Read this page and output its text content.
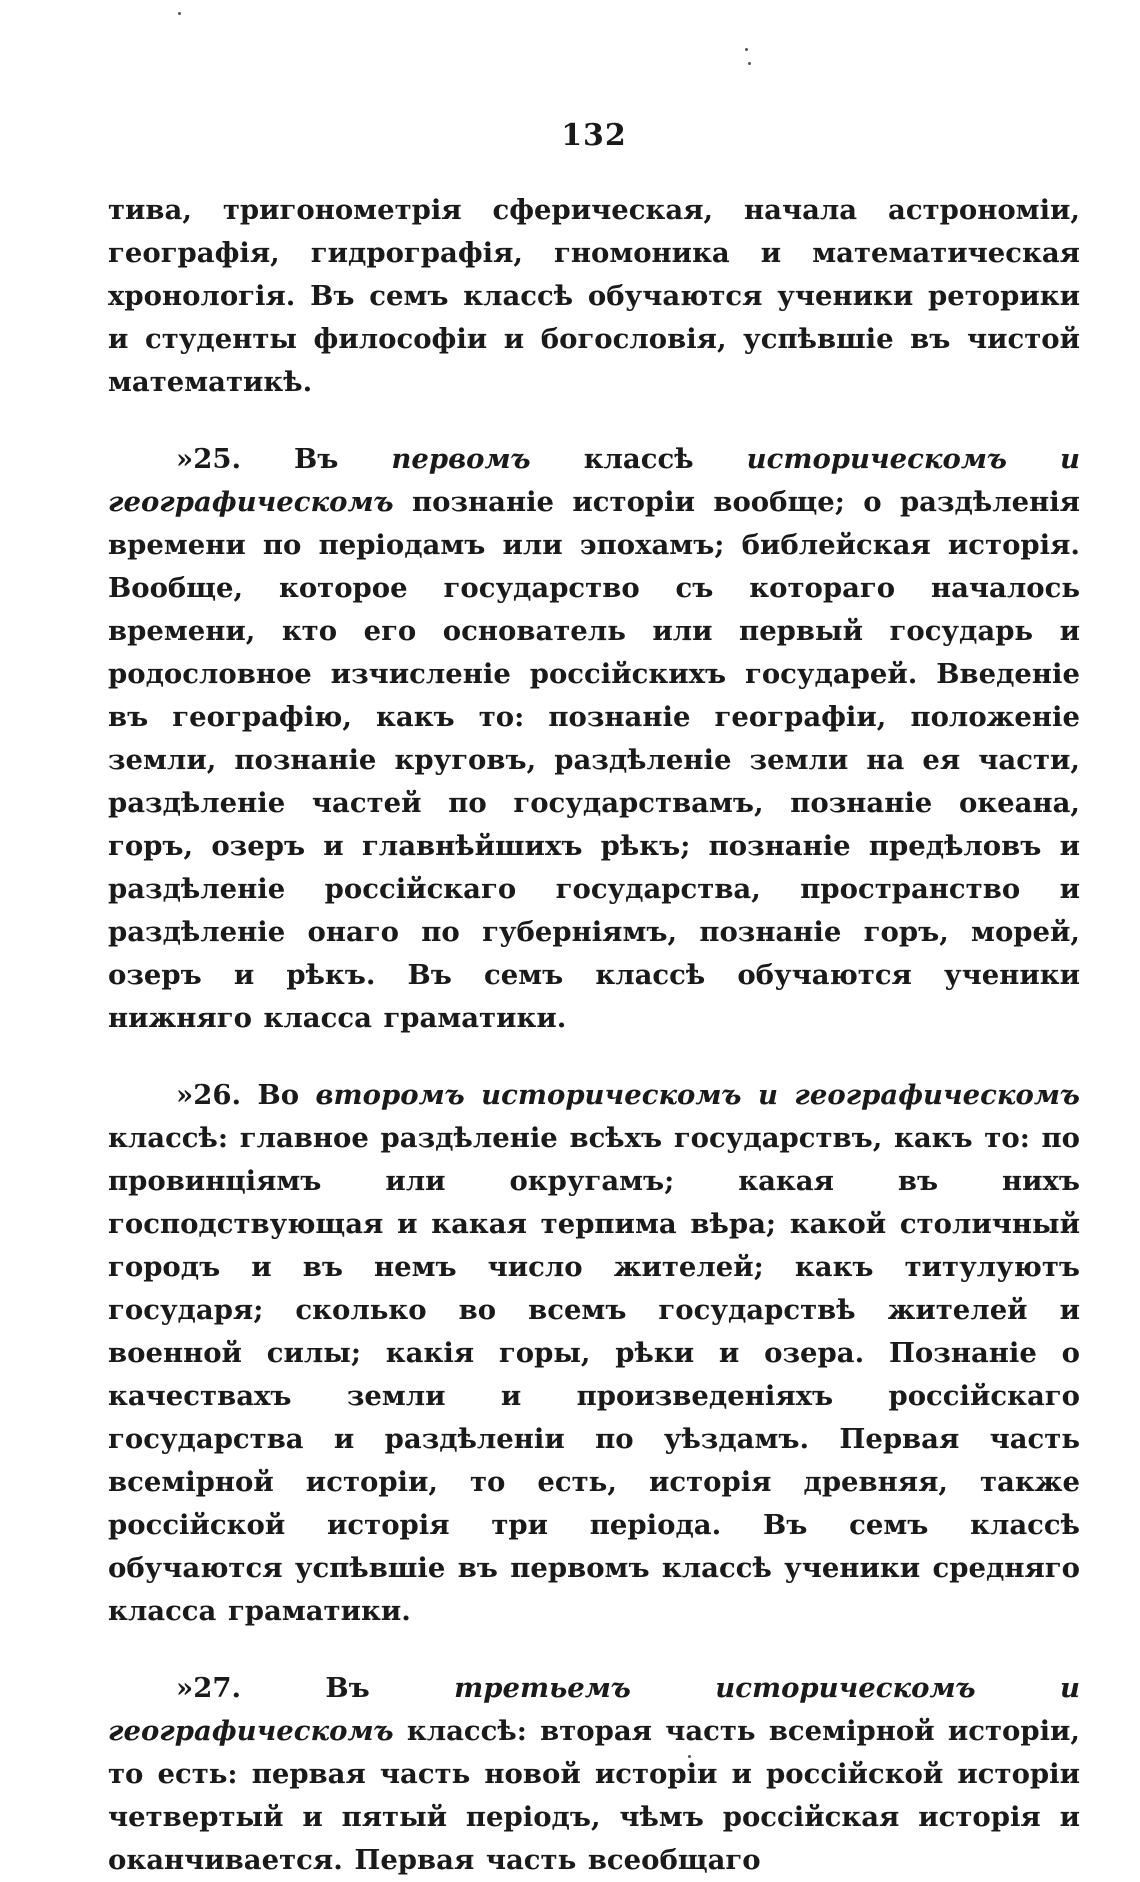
132

тива, тригонометрія сферическая, начала астрономіи, географія, гидрографія, гномоника и математическая хронологія. Въ семъ классѣ обучаются ученики реторики и студенты философіи и богословія, успѣвшіе въ чистой математикѣ.

»25. Въ первомъ классѣ историческомъ и географическомъ познаніе исторіи вообще; о раздѣленія времени по періодамъ или эпохамъ; библейская исторія. Вообще, которое государство съ котораго началось времени, кто его основатель или первый государь и родословное изчисленіе россійскихъ государей. Введеніе въ географію, какъ то: познаніе географіи, положеніе земли, познаніе круговъ, раздѣленіе земли на ея части, раздѣленіе частей по государствамъ, познаніе океана, горъ, озеръ и главнѣйшихъ рѣкъ; познаніе предѣловъ и раздѣленіе россійскаго государства, пространство и раздѣленіе онаго по губерніямъ, познаніе горъ, морей, озеръ и рѣкъ. Въ семъ классѣ обучаются ученики нижняго класса граматики.

»26. Во второмъ историческомъ и географическомъ классѣ: главное раздѣленіе всѣхъ государствъ, какъ то: по провинціямъ или округамъ; какая въ нихъ господствующая и какая терпима вѣра; какой столичный городъ и въ немъ число жителей; какъ титулуютъ государя; сколько во всемъ государствѣ жителей и военной силы; какія горы, рѣки и озера. Познаніе о качествахъ земли и произведеніяхъ россійскаго государства и раздѣленіи по уѣздамъ. Первая часть всемірной исторіи, то есть, исторія древняя, также россійской исторія три періода. Въ семъ классѣ обучаются успѣвшіе въ первомъ классѣ ученики средняго класса граматики.

»27.	Въ	третьемъ историческомъ и географическомъ классѣ: вторая часть всемірной исторіи, то есть: первая часть новой исторіи и россійской исторіи четвертый и пятый періодъ, чѣмъ россійская исторія и оканчивается. Первая часть всеобщаго
